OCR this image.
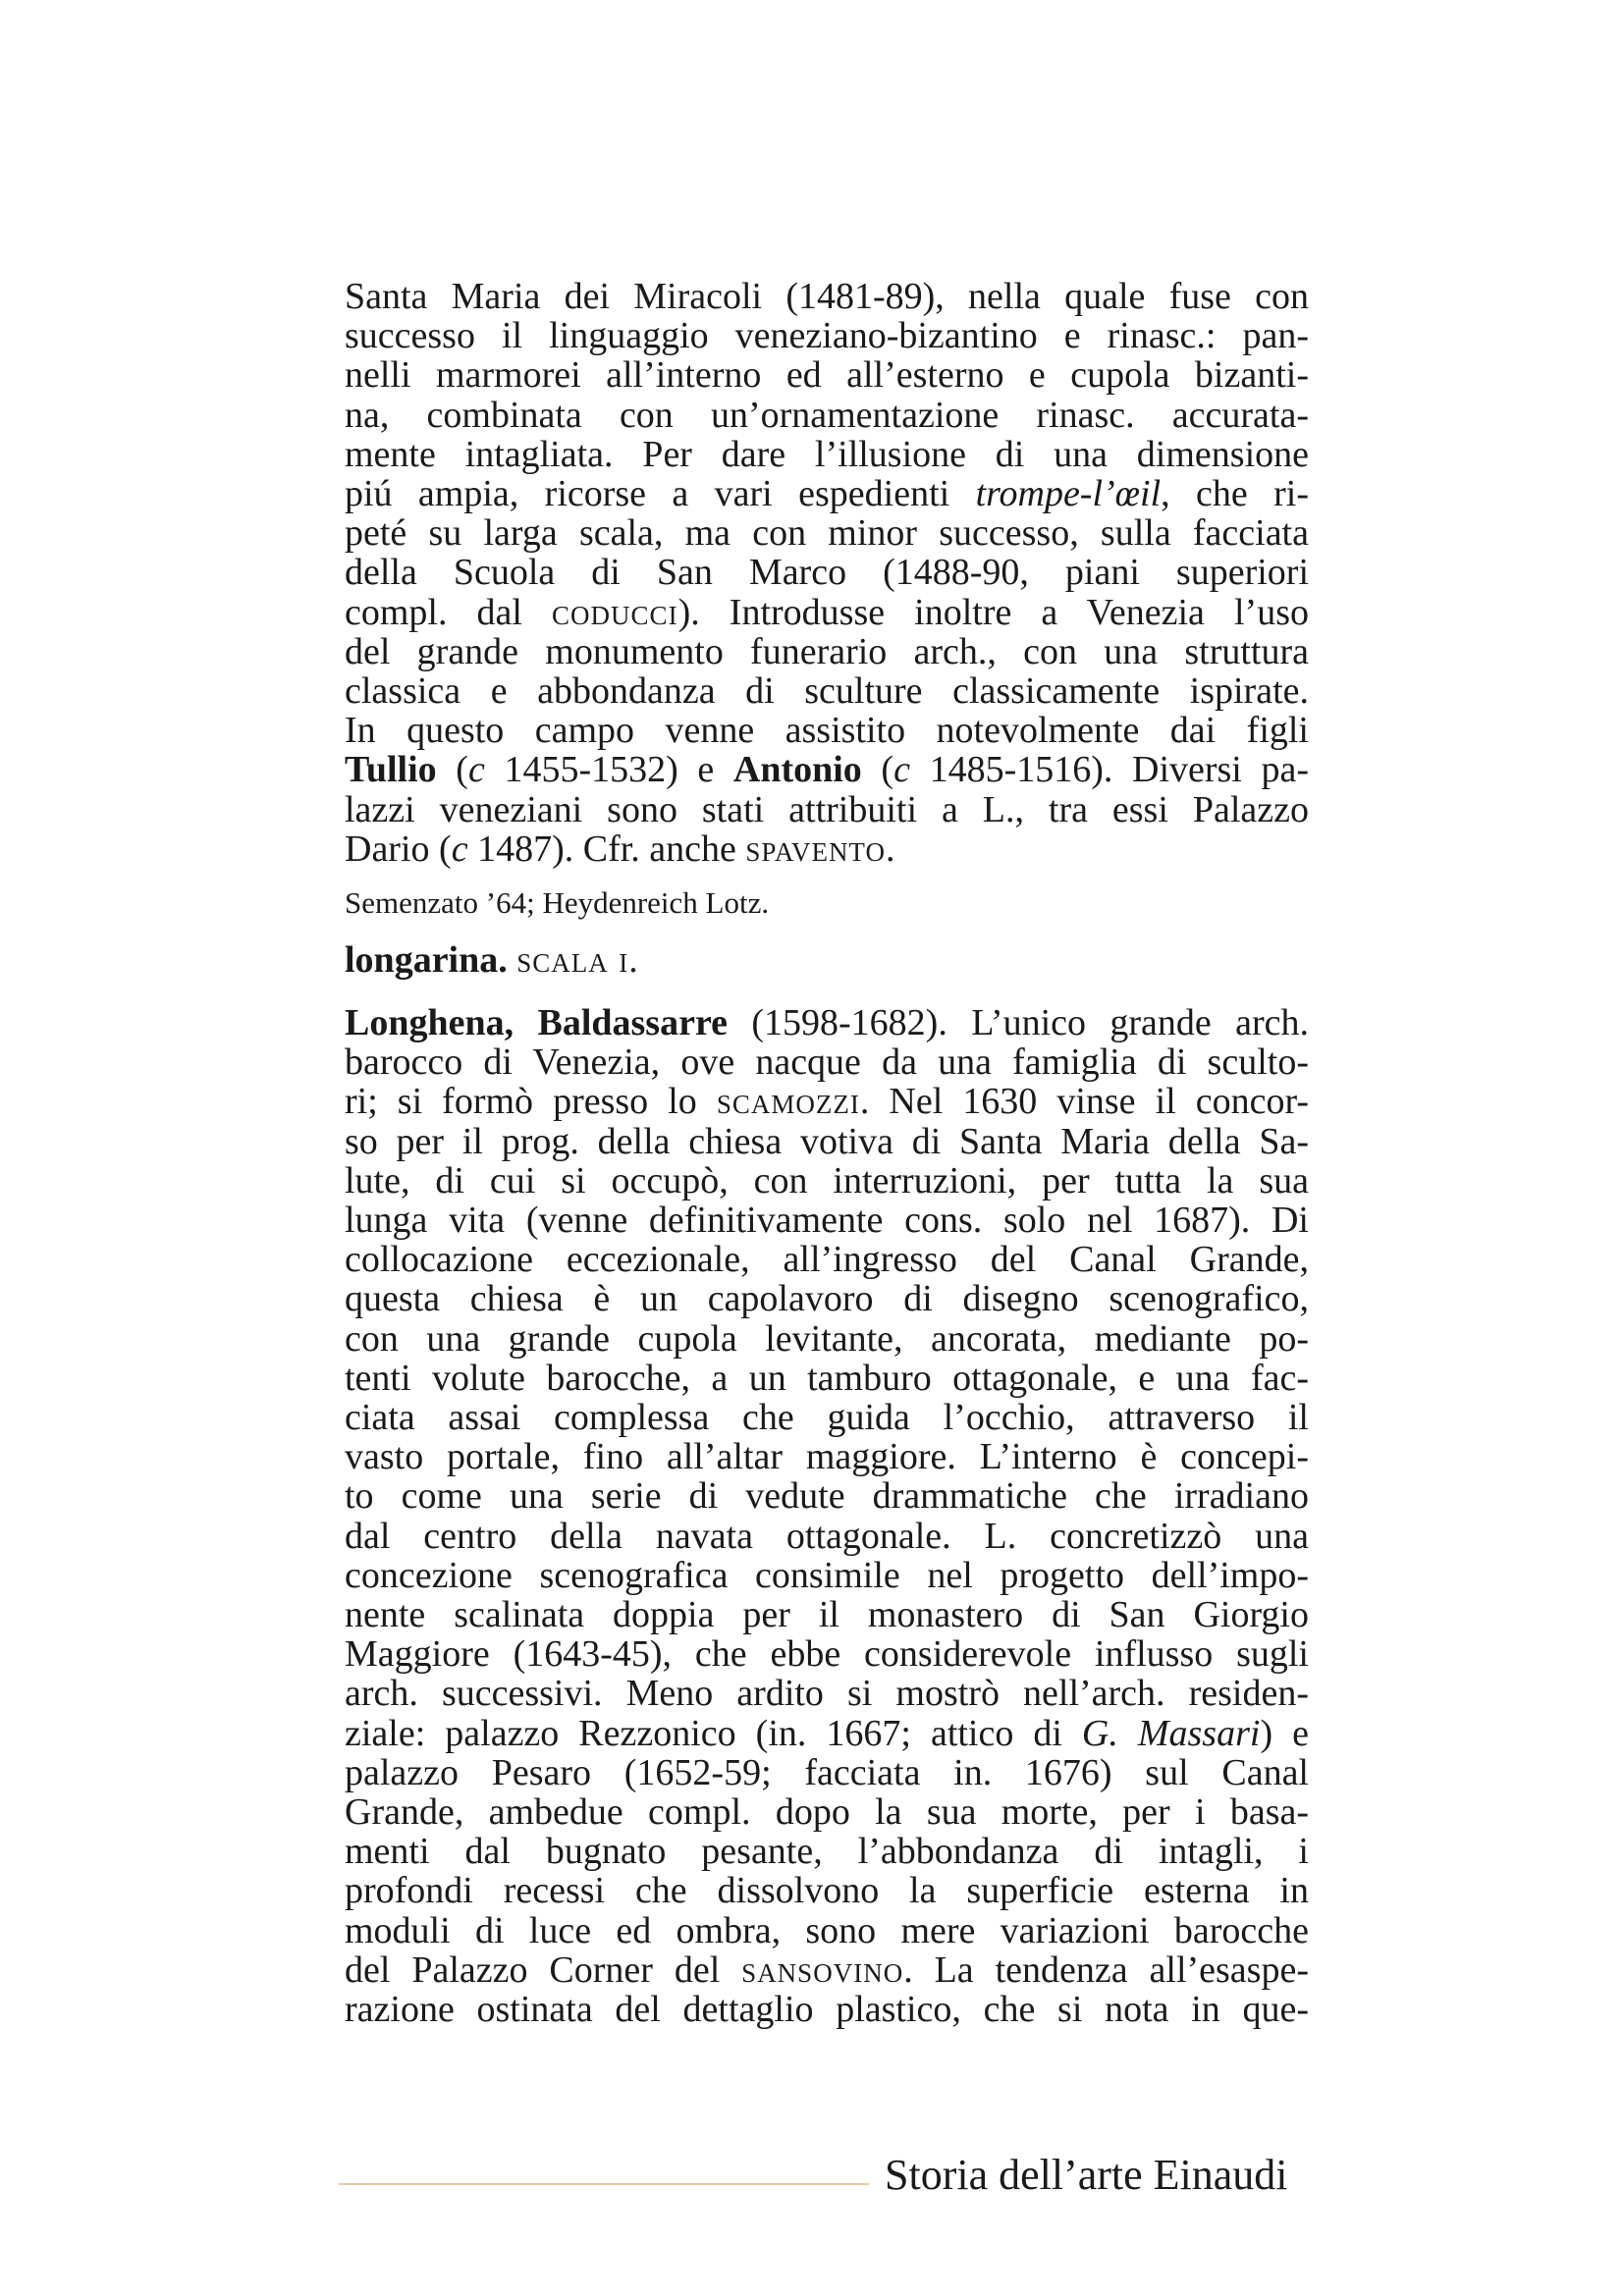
Santa Maria dei Miracoli (1481-89), nella quale fuse con
successo il linguaggio veneziano-bizantino e rinasc.: pan-
nelli marmorei all’interno ed all’esterno e cupola bizanti-
na, combinata con un’ornamentazione rinasc. accurata-
mente intagliata. Per dare l’illusione di una dimensione
piú ampia, ricorse a vari espedienti trompe-l’œil, che ri-
peté su larga scala, ma con minor successo, sulla facciata
della Scuola di San Marco (1488-90, piani superiori
compl. dal coducci). Introdusse inoltre a Venezia l’uso
del grande monumento funerario arch., con una struttura
classica e abbondanza di sculture classicamente ispirate.
In questo campo venne assistito notevolmente dai figli
Tullio (c 1455-1532) e Antonio (c 1485-1516). Diversi pa-
lazzi veneziani sono stati attribuiti a L., tra essi Palazzo
Dario (c 1487). Cfr. anche spavento.

Semenzato ’64; Heydenreich Lotz.
longarina. scala i.

Longhena, Baldassarre (1598-1682). L’unico grande arch.
barocco di Venezia, ove nacque da una famiglia di sculto-
ri; si formò presso lo scamozzi. Nel 1630 vinse il concor-
so per il prog. della chiesa votiva di Santa Maria della Sa-
lute, di cui si occupò, con interruzioni, per tutta la sua
lunga vita (venne definitivamente cons. solo nel 1687). Di
collocazione eccezionale, all’ingresso del Canal Grande,
questa chiesa è un capolavoro di disegno scenografico,
con una grande cupola levitante, ancorata, mediante po-
tenti volute barocche, a un tamburo ottagonale, e una fac-
ciata assai complessa che guida l’occhio, attraverso il
vasto portale, fino all’altar maggiore. L’interno è concepi-
to come una serie di vedute drammatiche che irradiano
dal centro della navata ottagonale. L. concretizzò una
concezione scenografica consimile nel progetto dell’impo-
nente scalinata doppia per il monastero di San Giorgio
Maggiore (1643-45), che ebbe considerevole influsso sugli
arch. successivi. Meno ardito si mostrò nell’arch. residen-
ziale: palazzo Rezzonico (in. 1667; attico di G. Massari) e
palazzo Pesaro (1652-59; facciata in. 1676) sul Canal
Grande, ambedue compl. dopo la sua morte, per i basa-
menti dal bugnato pesante, l’abbondanza di intagli, i
profondi recessi che dissolvono la superficie esterna in
moduli di luce ed ombra, sono mere variazioni barocche
del Palazzo Corner del sansovino. La tendenza all’esaspe-
razione ostinata del dettaglio plastico, che si nota in que-

Storia dell’arte Einaudi
